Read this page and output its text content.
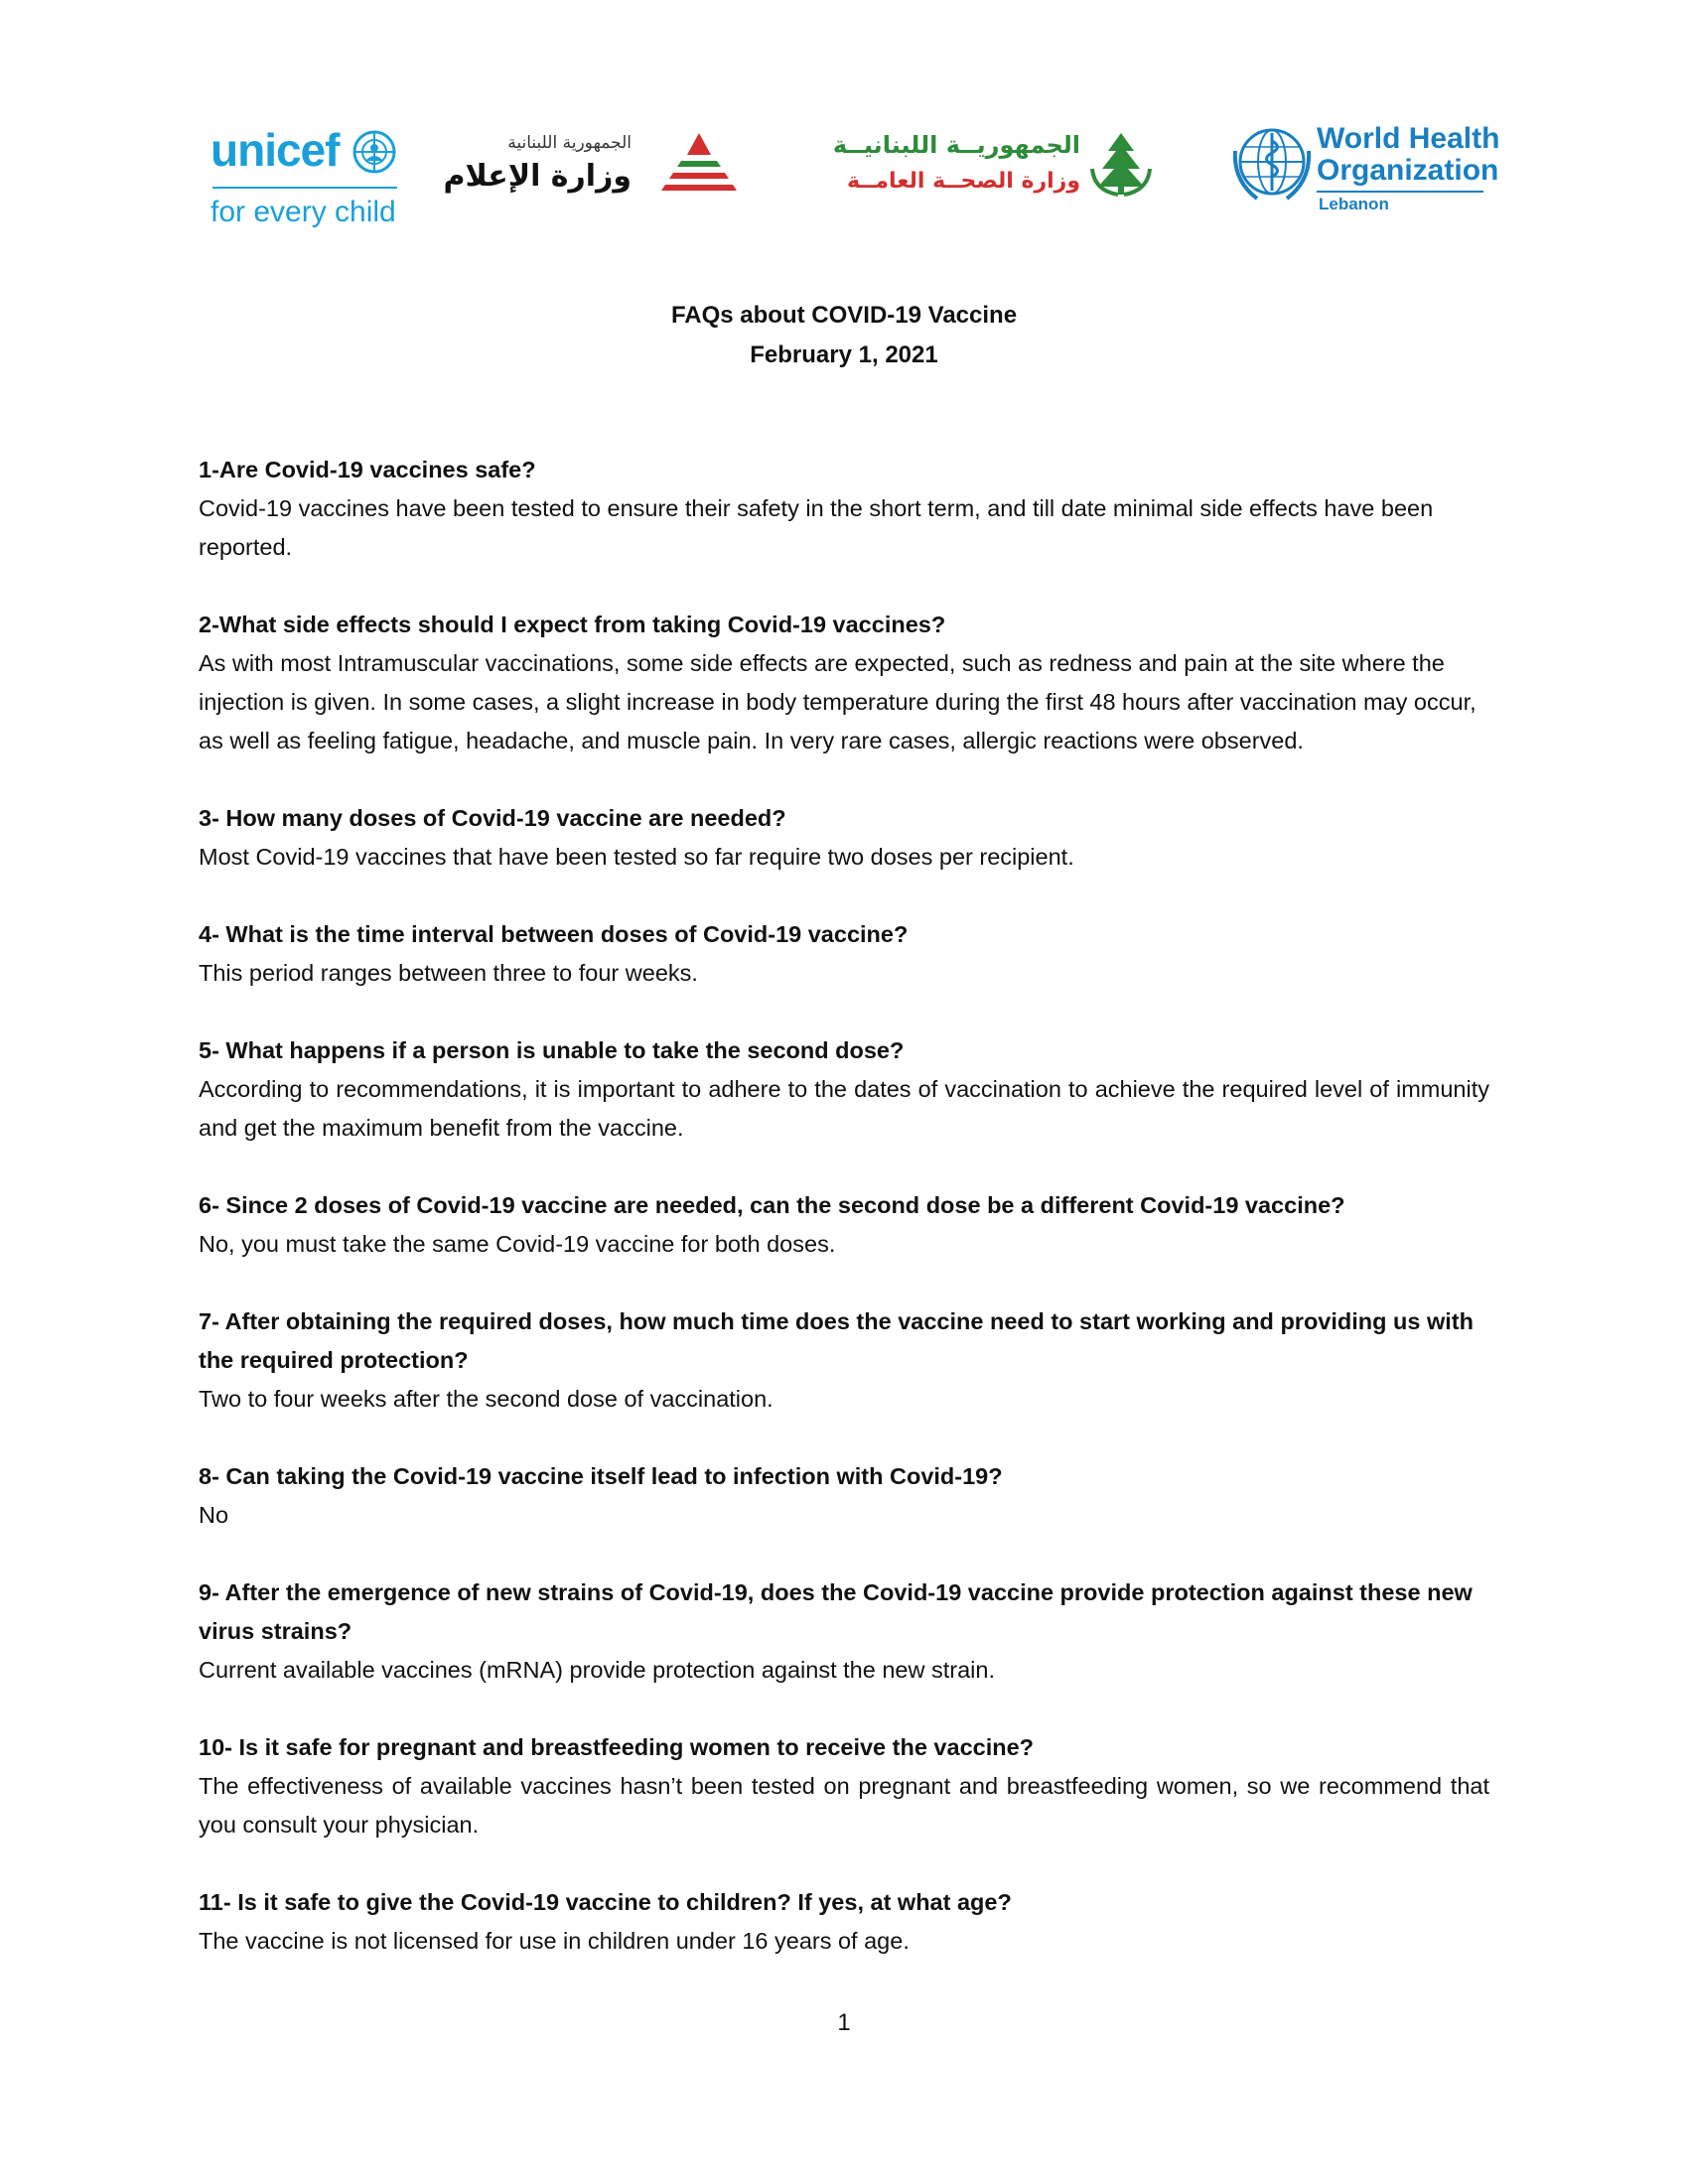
unicef
for every child
الجمهورية اللبنانية
وزارة الإعلام
الجمهوريــة اللبنانيــة
وزارة الصحــة العامــة
World Health
Organization
Lebanon
FAQs about COVID-19 Vaccine
February 1, 2021

1-Are Covid-19 vaccines safe?

Covid-19 vaccines have been tested to ensure their safety in the short term, and till date minimal side effects have been reported.

2-What side effects should I expect from taking Covid-19 vaccines?

As with most Intramuscular vaccinations, some side effects are expected, such as redness and pain at the site where the injection is given. In some cases, a slight increase in body temperature during the first 48 hours after vaccination may occur, as well as feeling fatigue, headache, and muscle pain. In very rare cases, allergic reactions were observed.

3- How many doses of Covid-19 vaccine are needed?

Most Covid-19 vaccines that have been tested so far require two doses per recipient.

4- What is the time interval between doses of Covid-19 vaccine?

This period ranges between three to four weeks.

5- What happens if a person is unable to take the second dose?

According to recommendations, it is important to adhere to the dates of vaccination to achieve the required level of immunity and get the maximum benefit from the vaccine.

6- Since 2 doses of Covid-19 vaccine are needed, can the second dose be a different Covid-19 vaccine?

No, you must take the same Covid-19 vaccine for both doses.

7- After obtaining the required doses, how much time does the vaccine need to start working and providing us with the required protection?

Two to four weeks after the second dose of vaccination.

8- Can taking the Covid-19 vaccine itself lead to infection with Covid-19?

No

9- After the emergence of new strains of Covid-19, does the Covid-19 vaccine provide protection against these new virus strains?

Current available vaccines (mRNA) provide protection against the new strain.

10- Is it safe for pregnant and breastfeeding women to receive the vaccine?

The effectiveness of available vaccines hasn’t been tested on pregnant and breastfeeding women, so we recommend that you consult your physician.

11- Is it safe to give the Covid-19 vaccine to children? If yes, at what age?

The vaccine is not licensed for use in children under 16 years of age.

1
